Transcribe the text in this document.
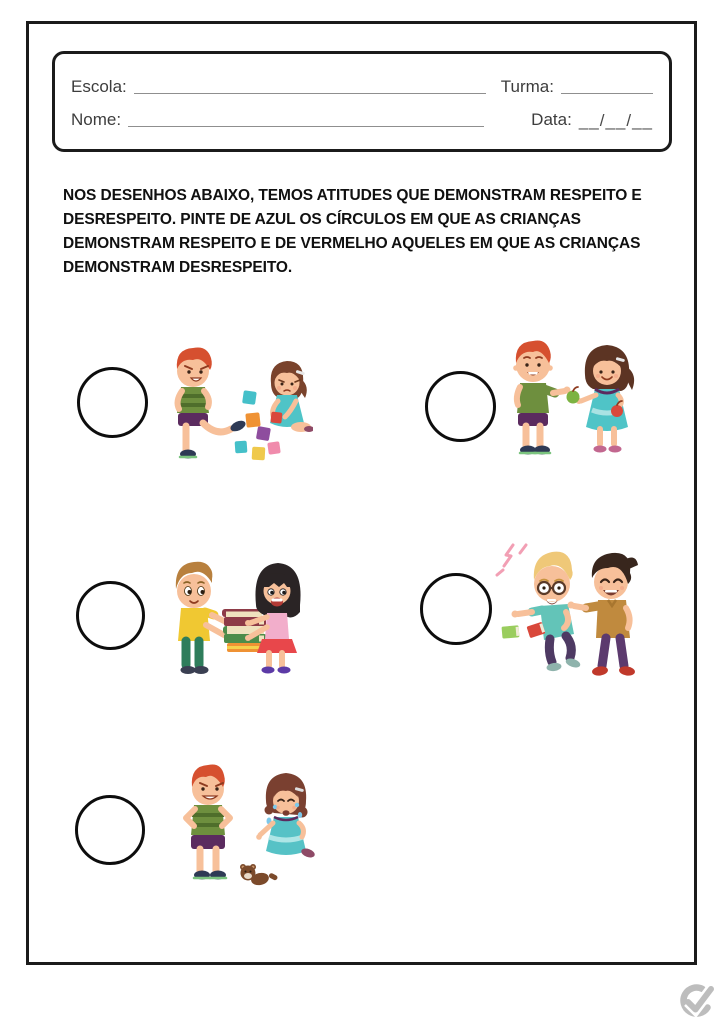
Escola:	Turma:
Nome:	Data: __/__/__
NOS DESENHOS ABAIXO, TEMOS ATITUDES QUE DEMONSTRAM RESPEITO E
DESRESPEITO. PINTE DE AZUL OS CÍRCULOS EM QUE AS CRIANÇAS
DEMONSTRAM RESPEITO E DE VERMELHO AQUELES EM QUE AS CRIANÇAS
DEMONSTRAM DESRESPEITO.
